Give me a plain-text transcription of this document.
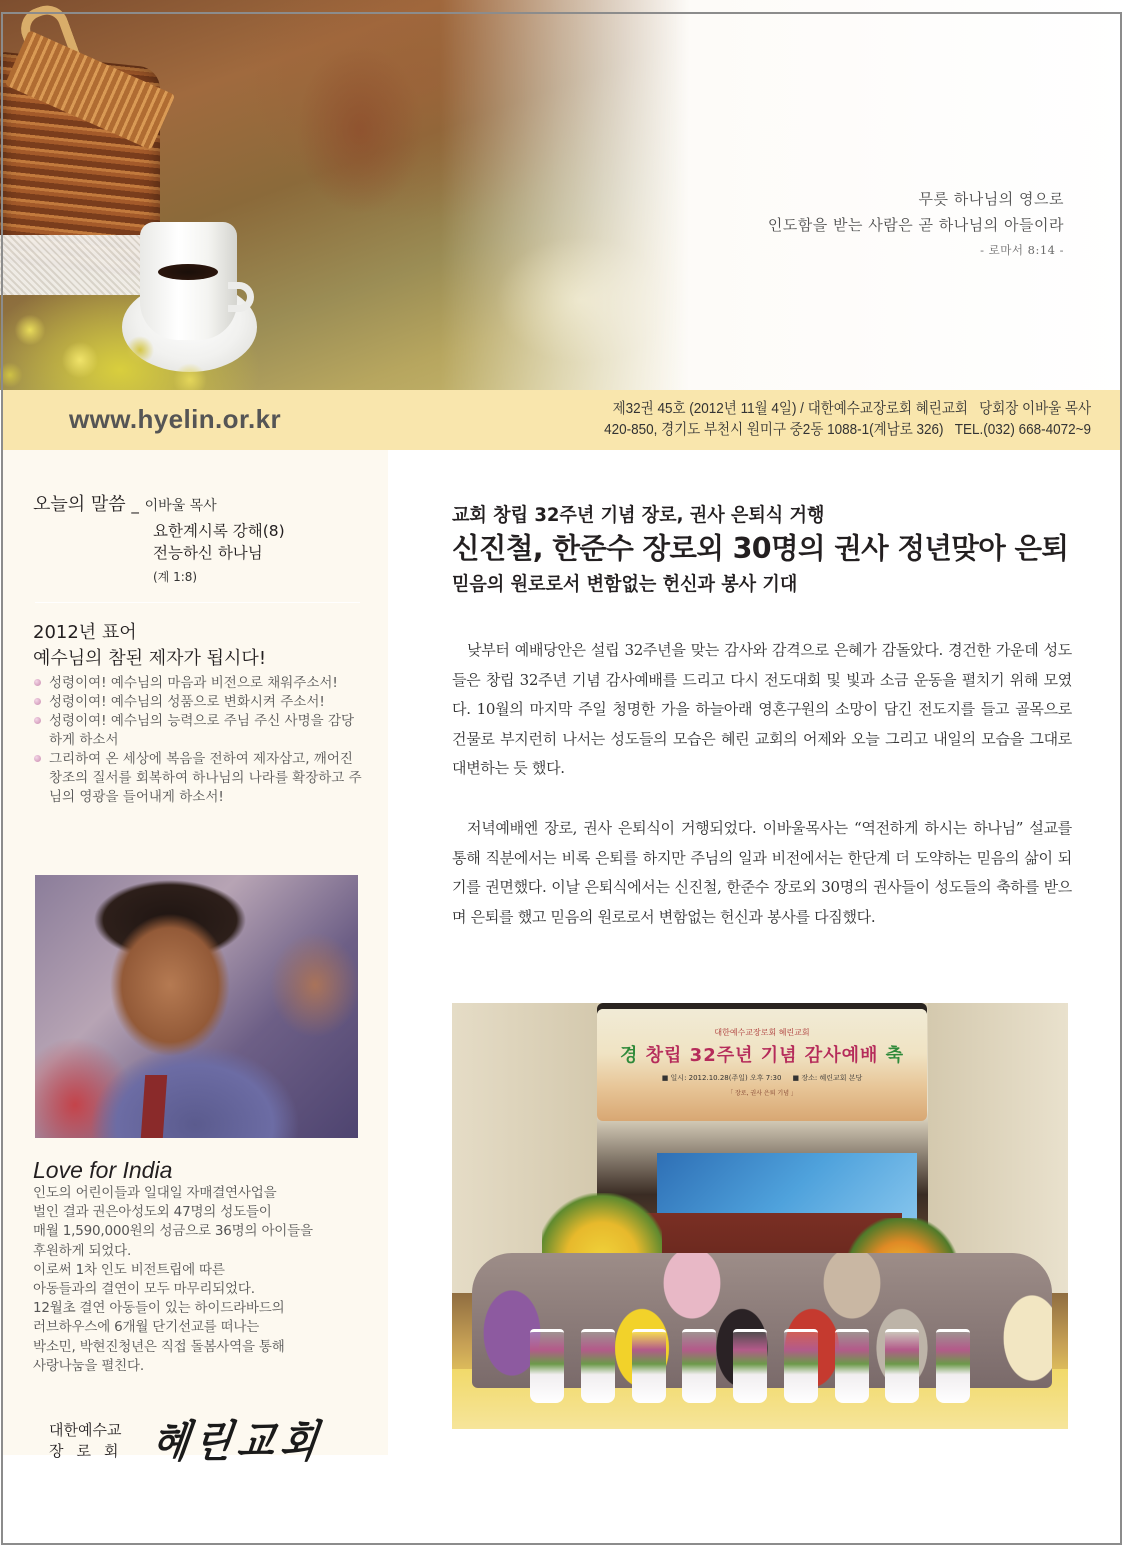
무릇 하나님의 영으로
인도함을 받는 사람은 곧 하나님의 아들이라
- 로마서 8:14 -
www.hyelin.or.kr	제32권 45호 (2012년 11월 4일) / 대한예수교장로회 혜린교회   당회장 이바울 목사
420-850, 경기도 부천시 원미구 중2동 1088-1(계남로 326)   TEL.(032) 668-4072~9
오늘의 말씀 _ 이바울 목사
요한계시록 강해(8)
전능하신 하나님
(계 1:8)
2012년 표어
예수님의 참된 제자가 됩시다!
성령이여! 예수님의 마음과 비전으로 채워주소서!
성령이여! 예수님의 성품으로 변화시켜 주소서!
성령이여! 예수님의 능력으로 주님 주신 사명을 감당하게 하소서
그리하여 온 세상에 복음을 전하여 제자삼고, 깨어진 창조의 질서를 회복하여 하나님의 나라를 확장하고 주님의 영광을 들어내게 하소서!
Love for India
인도의 어린이들과 일대일 자매결연사업을
벌인 결과 권은아성도외 47명의 성도들이
매월 1,590,000원의 성금으로 36명의 아이들을
후원하게 되었다.
이로써 1차 인도 비전트립에 따른
아동들과의 결연이 모두 마무리되었다.
12월초 결연 아동들이 있는 하이드라바드의
러브하우스에 6개월 단기선교를 떠나는
박소민, 박현진청년은 직접 돌봄사역을 통해
사랑나눔을 펼친다.
대한예수교
장로회 혜린교회
교회 창립 32주년 기념 장로, 권사 은퇴식 거행
신진철, 한준수 장로외 30명의 권사 정년맞아 은퇴
믿음의 원로로서 변함없는 헌신과 봉사 기대

낮부터 예배당안은 설립 32주년을 맞는 감사와 감격으로 은혜가 감돌았다. 경건한 가운데 성도들은 창립 32주년 기념 감사예배를 드리고 다시 전도대회 및 빛과 소금 운동을 펼치기 위해 모였다. 10월의 마지막 주일 청명한 가을 하늘아래 영혼구원의 소망이 담긴 전도지를 들고 골목으로 건물로 부지런히 나서는 성도들의 모습은 혜린 교회의 어제와 오늘 그리고 내일의 모습을 그대로 대변하는 듯 했다.

저녁예배엔 장로, 권사 은퇴식이 거행되었다. 이바울목사는 “역전하게 하시는 하나님” 설교를 통해 직분에서는 비록 은퇴를 하지만 주님의 일과 비전에서는 한단계 더 도약하는 믿음의 삶이 되기를 권면했다. 이날 은퇴식에서는 신진철, 한준수 장로외 30명의 권사들이 성도들의 축하를 받으며 은퇴를 했고 믿음의 원로로서 변함없는 헌신과 봉사를 다짐했다.

대한예수교장로회 혜린교회
경 창립 32주년 기념 감사예배 축
■ 일시: 2012.10.28(주일) 오후 7:30     ■ 장소: 혜린교회 본당
「 장로, 권사 은퇴 기념 」
